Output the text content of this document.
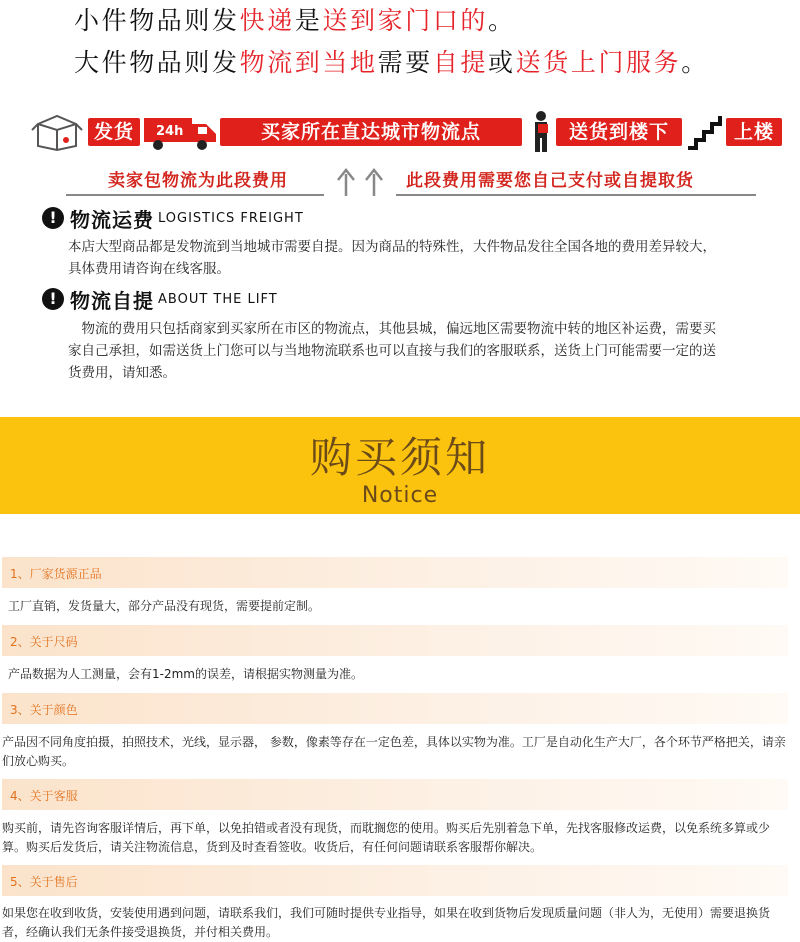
小件物品则发快递是送到家门口的。
大件物品则发物流到当地需要自提或送货上门服务。
发货	24h	买家所在直达城市物流点	送货到楼下	上楼
卖家包物流为此段费用	此段费用需要您自己支付或自提取货
! 物流运费 LOGISTICS FREIGHT
本店大型商品都是发物流到当地城市需要自提。因为商品的特殊性，大件物品发往全国各地的费用差异较大，具体费用请咨询在线客服。
! 物流自提 ABOUT THE LIFT
　物流的费用只包括商家到买家所在市区的物流点，其他县城，偏远地区需要物流中转的地区补运费，需要买家自己承担，如需送货上门您可以与当地物流联系也可以直接与我们的客服联系，送货上门可能需要一定的送货费用，请知悉。
购买须知
Notice
1、厂家货源正品
工厂直销，发货量大，部分产品没有现货，需要提前定制。
2、关于尺码
产品数据为人工测量，会有1-2mm的误差，请根据实物测量为准。
3、关于颜色
产品因不同角度拍摄，拍照技术，光线，显示器， 参数，像素等存在一定色差，具体以实物为准。工厂是自动化生产大厂，各个环节严格把关，请亲们放心购买。
4、关于客服
购买前，请先咨询客服详情后，再下单，以免拍错或者没有现货，而耽搁您的使用。购买后先别着急下单，先找客服修改运费，以免系统多算或少算。购买后发货后，请关注物流信息，货到及时查看签收。收货后，有任何问题请联系客服帮你解决。
5、关于售后
如果您在收到收货，安装使用遇到问题，请联系我们，我们可随时提供专业指导，如果在收到货物后发现质量问题（非人为，无使用）需要退换货者，经确认我们无条件接受退换货，并付相关费用。
